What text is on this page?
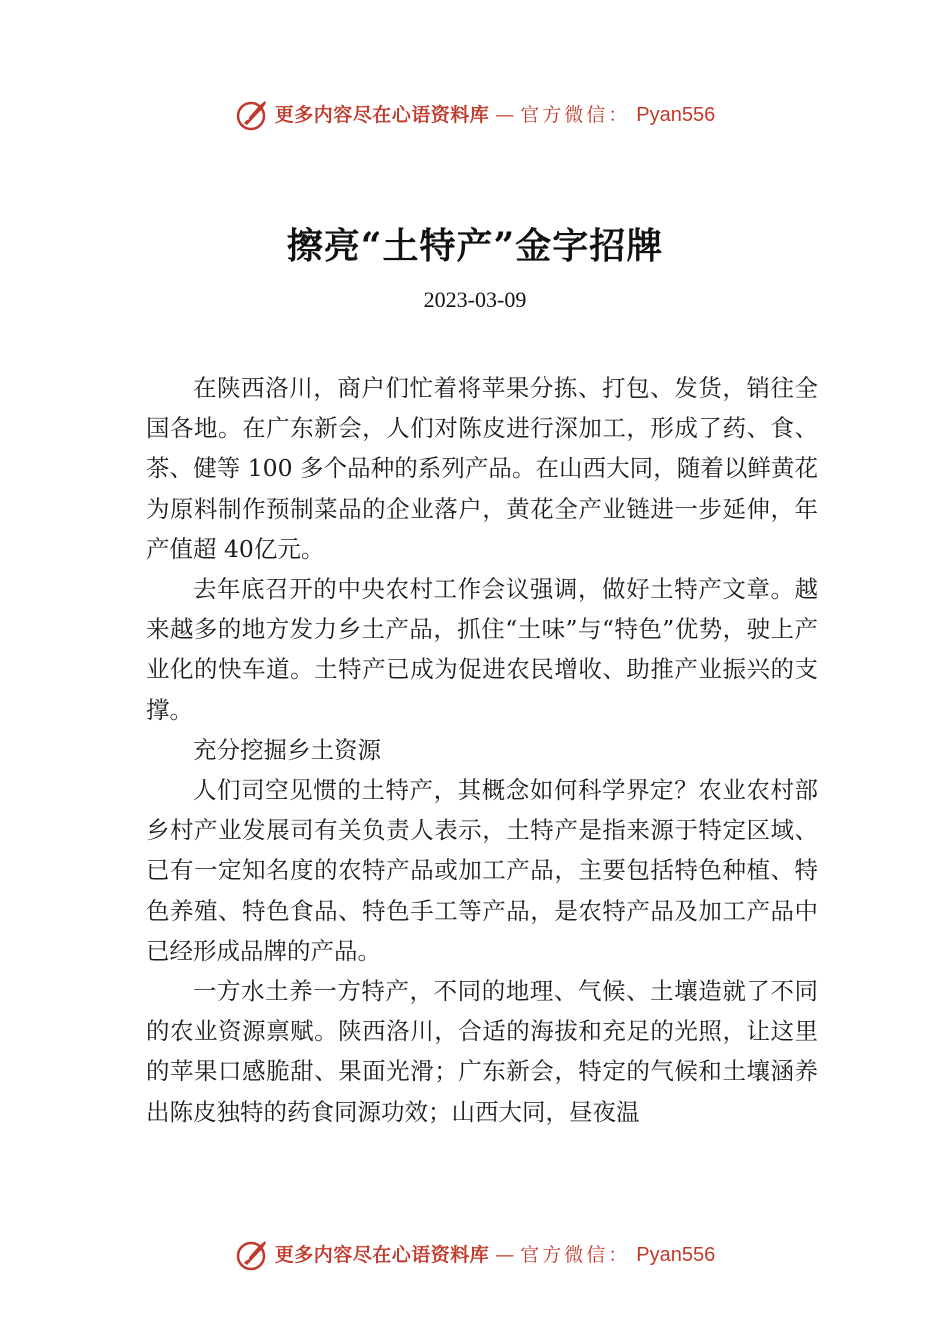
更多内容尽在心语资料库 — 官方微信： Pyan556
擦亮“土特产”金字招牌
2023-03-09

在陕西洛川，商户们忙着将苹果分拣、打包、发货，销往全国各地。在广东新会，人们对陈皮进行深加工，形成了药、食、茶、健等 100 多个品种的系列产品。在山西大同，随着以鲜黄花为原料制作预制菜品的企业落户，黄花全产业链进一步延伸，年产值超 40亿元。

去年底召开的中央农村工作会议强调，做好土特产文章。越来越多的地方发力乡土产品，抓住“土味”与“特色”优势，驶上产业化的快车道。土特产已成为促进农民增收、助推产业振兴的支撑。

充分挖掘乡土资源

人们司空见惯的土特产，其概念如何科学界定？农业农村部乡村产业发展司有关负责人表示，土特产是指来源于特定区域、已有一定知名度的农特产品或加工产品，主要包括特色种植、特色养殖、特色食品、特色手工等产品，是农特产品及加工产品中已经形成品牌的产品。

一方水土养一方特产，不同的地理、气候、土壤造就了不同的农业资源禀赋。陕西洛川，合适的海拔和充足的光照，让这里的苹果口感脆甜、果面光滑；广东新会，特定的气候和土壤涵养出陈皮独特的药食同源功效；山西大同，昼夜温

更多内容尽在心语资料库 — 官方微信： Pyan556
